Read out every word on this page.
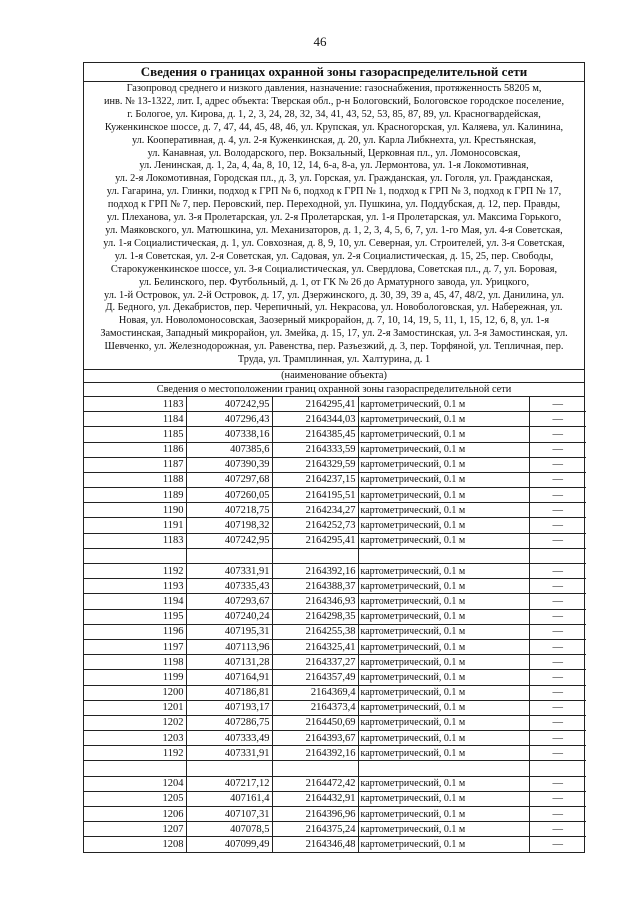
46
Сведения о границах охранной зоны газораспределительной сети
Газопровод среднего и низкого давления, назначение: газоснабжения, протяженность 58205 м,
инв. № 13-1322, лит. I, адрес объекта: Тверская обл., р-н Бологовский, Бологовское городское поселение,
г. Бологое, ул. Кирова, д. 1, 2, 3, 24, 28, 32, 34, 41, 43, 52, 53, 85, 87, 89, ул. Красногвардейская,
Куженкинское шоссе, д. 7, 47, 44, 45, 48, 46, ул. Крупская, ул. Красногорская, ул. Каляева, ул. Калинина,
ул. Кооперативная, д. 4, ул. 2-я Куженкинская, д. 20, ул. Карла Либкнехта, ул. Крестьянская,
ул. Канавная, ул. Володарского, пер. Вокзальный, Церковная пл., ул. Ломоносовская,
ул. Ленинская, д. 1, 2а, 4, 4а, 8, 10, 12, 14, 6-а, 8-а, ул. Лермонтова, ул. 1-я Локомотивная,
ул. 2-я Локомотивная, Городская пл., д. 3, ул. Горская, ул. Гражданская, ул. Гоголя, ул. Гражданская,
ул. Гагарина, ул. Глинки, подход к ГРП № 6, подход к ГРП № 1, подход к ГРП № 3, подход к ГРП № 17,
подход к ГРП № 7, пер. Перовский, пер. Переходной, ул. Пушкина, ул. Поддубская, д. 12, пер. Правды,
ул. Плеханова, ул. 3-я Пролетарская, ул. 2-я Пролетарская, ул. 1-я Пролетарская, ул. Максима Горького,
ул. Маяковского, ул. Матюшкина, ул. Механизаторов, д. 1, 2, 3, 4, 5, 6, 7, ул. 1-го Мая, ул. 4-я Советская,
ул. 1-я Социалистическая, д. 1, ул. Совхозная, д. 8, 9, 10, ул. Северная, ул. Строителей, ул. 3-я Советская,
ул. 1-я Советская, ул. 2-я Советская, ул. Садовая, ул. 2-я Социалистическая, д. 15, 25, пер. Свободы,
Старокуженкинское шоссе, ул. 3-я Социалистическая, ул. Свердлова, Советская пл., д. 7, ул. Боровая,
ул. Белинского, пер. Футбольный, д. 1, от ГК № 26 до Арматурного завода, ул. Урицкого,
ул. 1-й Островок, ул. 2-й Островок, д. 17, ул. Дзержинского, д. 30, 39, 39 а, 45, 47, 48/2, ул. Данилина, ул.
Д. Бедного, ул. Декабристов, пер. Черепичный, ул. Некрасова, ул. Новобологовская, ул. Набережная, ул.
Новая, ул. Новоломоносовская, Заозерный микрорайон, д. 7, 10, 14, 19, 5, 11, 1, 15, 12, 6, 8, ул. 1-я
Замостинская, Западный микрорайон, ул. Змейка, д. 15, 17, ул. 2-я Замостинская, ул. 3-я Замостинская, ул.
Шевченко, ул. Железнодорожная, ул. Равенства, пер. Разъезжий, д. 3, пер. Торфяной, ул. Тепличная, пер.
Труда, ул. Трамплинная, ул. Халтурина, д. 1
(наименование объекта)
Сведения о местоположении границ охранной зоны газораспределительной сети
1183	407242,95	2164295,41	картометрический, 0.1 м	—
1184	407296,43	2164344,03	картометрический, 0.1 м	—
1185	407338,16	2164385,45	картометрический, 0.1 м	—
1186	407385,6	2164333,59	картометрический, 0.1 м	—
1187	407390,39	2164329,59	картометрический, 0.1 м	—
1188	407297,68	2164237,15	картометрический, 0.1 м	—
1189	407260,05	2164195,51	картометрический, 0.1 м	—
1190	407218,75	2164234,27	картометрический, 0.1 м	—
1191	407198,32	2164252,73	картометрический, 0.1 м	—
1183	407242,95	2164295,41	картометрический, 0.1 м	—

1192	407331,91	2164392,16	картометрический, 0.1 м	—
1193	407335,43	2164388,37	картометрический, 0.1 м	—
1194	407293,67	2164346,93	картометрический, 0.1 м	—
1195	407240,24	2164298,35	картометрический, 0.1 м	—
1196	407195,31	2164255,38	картометрический, 0.1 м	—
1197	407113,96	2164325,41	картометрический, 0.1 м	—
1198	407131,28	2164337,27	картометрический, 0.1 м	—
1199	407164,91	2164357,49	картометрический, 0.1 м	—
1200	407186,81	2164369,4	картометрический, 0.1 м	—
1201	407193,17	2164373,4	картометрический, 0.1 м	—
1202	407286,75	2164450,69	картометрический, 0.1 м	—
1203	407333,49	2164393,67	картометрический, 0.1 м	—
1192	407331,91	2164392,16	картометрический, 0.1 м	—

1204	407217,12	2164472,42	картометрический, 0.1 м	—
1205	407161,4	2164432,91	картометрический, 0.1 м	—
1206	407107,31	2164396,96	картометрический, 0.1 м	—
1207	407078,5	2164375,24	картометрический, 0.1 м	—
1208	407099,49	2164346,48	картометрический, 0.1 м	—
